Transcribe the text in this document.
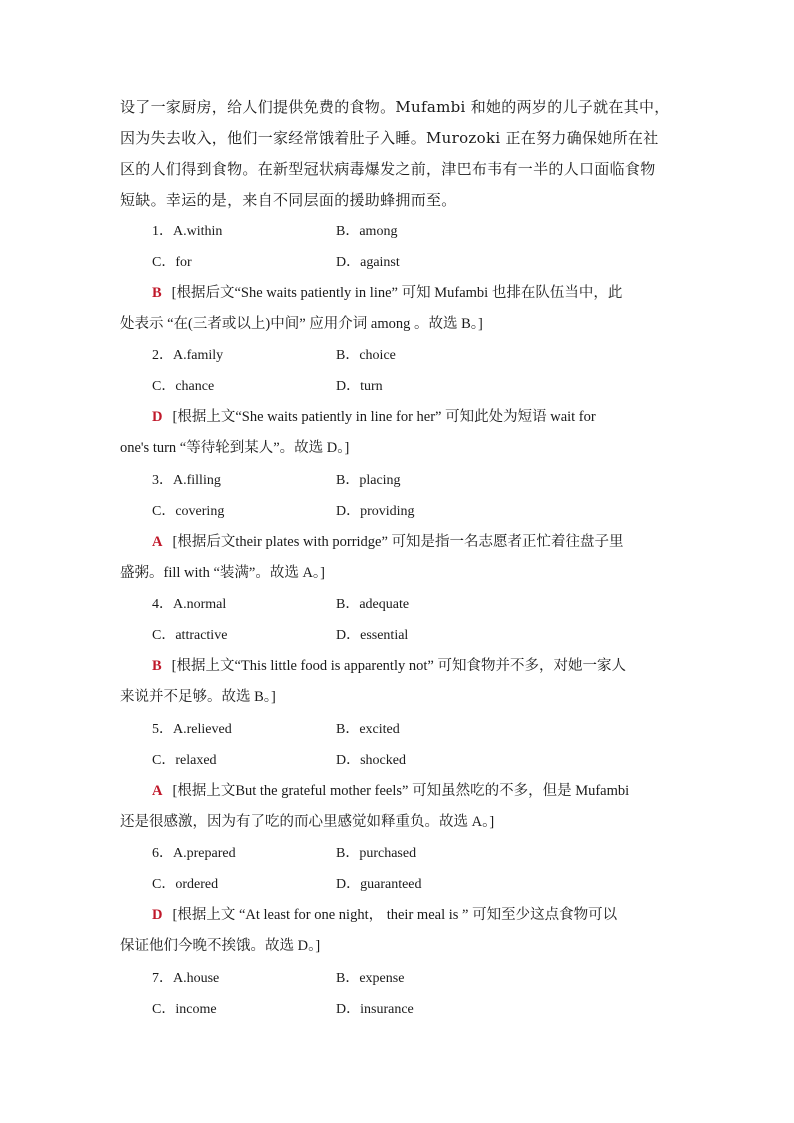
设了一家厨房，给人们提供免费的食物。Mufambi 和她的两岁的儿子就在其中，
因为失去收入，他们一家经常饿着肚子入睡。Murozoki 正在努力确保她所在社
区的人们得到食物。在新型冠状病毒爆发之前，津巴布韦有一半的人口面临食物
短缺。幸运的是，来自不同层面的援助蜂拥而至。
1．A.within	B．among
C．for	D．against
B [根据后文“She waits patiently in line” 可知 Mufambi 也排在队伍当中，此
处表示 “在(三者或以上)中间” 应用介词 among 。故选 B。]
2．A.family	B．choice
C．chance	D．turn
D [根据上文“She waits patiently in line for her” 可知此处为短语 wait for
one's turn “等待轮到某人”。故选 D。]
3．A.filling	B．placing
C．covering	D．providing
A [根据后文their plates with porridge” 可知是指一名志愿者正忙着往盘子里
盛粥。fill with “装满”。故选 A。]
4．A.normal	B．adequate
C．attractive	D．essential
B [根据上文“This little food is apparently not” 可知食物并不多，对她一家人
来说并不足够。故选 B。]
5．A.relieved	B．excited
C．relaxed	D．shocked
A [根据上文But the grateful mother feels” 可知虽然吃的不多，但是 Mufambi
还是很感激，因为有了吃的而心里感觉如释重负。故选 A。]
6．A.prepared	B．purchased
C．ordered	D．guaranteed
D [根据上文 “At least for one night， their meal is ” 可知至少这点食物可以
保证他们今晚不挨饿。故选 D。]
7．A.house	B．expense
C．income	D．insurance
